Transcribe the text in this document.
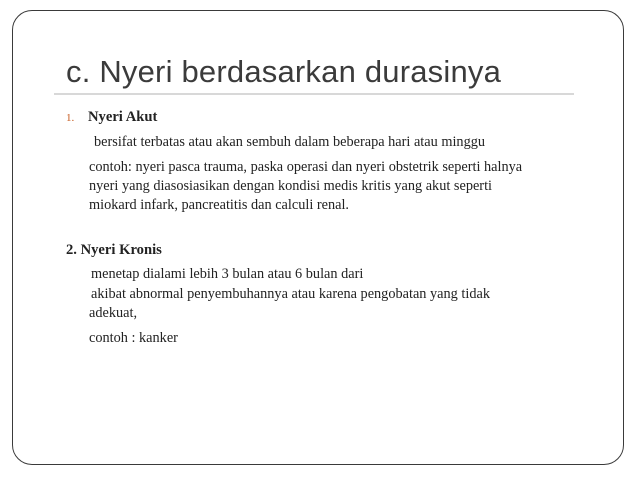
c. Nyeri berdasarkan durasinya
1. Nyeri Akut

bersifat terbatas atau akan sembuh dalam beberapa hari atau minggu

contoh: nyeri pasca trauma, paska operasi dan nyeri obstetrik seperti halnya

nyeri yang diasosiasikan dengan kondisi medis kritis yang akut seperti

miokard infark, pancreatitis dan calculi renal.

2. Nyeri Kronis

menetap dialami lebih 3 bulan atau 6 bulan dari

akibat abnormal penyembuhannya atau karena pengobatan yang tidak

adekuat,

contoh : kanker
